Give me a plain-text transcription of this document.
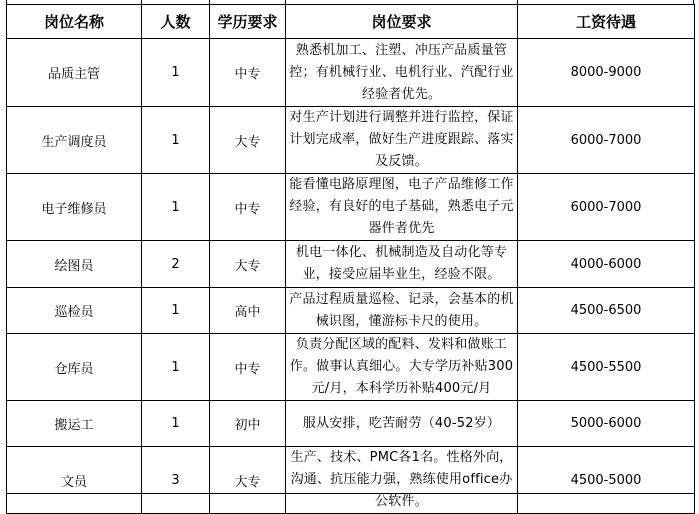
岗位名称	人数	学历要求	岗位要求	工资待遇
品质主管	1	中专	熟悉机加工、注塑、冲压产品质量管控；有机械行业、电机行业、汽配行业经验者优先。	8000-9000
生产调度员	1	大专	对生产计划进行调整并进行监控，保证计划完成率，做好生产进度跟踪、落实及反馈。	6000-7000
电子维修员	1	中专	能看懂电路原理图，电子产品维修工作经验，有良好的电子基础，熟悉电子元器件者优先	6000-7000
绘图员	2	大专	机电一体化、机械制造及自动化等专业，接受应届毕业生，经验不限。	4000-6000
巡检员	1	高中	产品过程质量巡检、记录，会基本的机械识图，懂游标卡尺的使用。	4500-6500
仓库员	1	中专	负责分配区域的配料、发料和做账工作。做事认真细心。大专学历补贴300元/月，本科学历补贴400元/月	4500-5500
搬运工	1	初中	服从安排，吃苦耐劳（40-52岁）	5000-6000
文员	3	大专	生产、技术、PMC各1名。性格外向，沟通、抗压能力强，熟练使用office办公软件。	4500-5000
